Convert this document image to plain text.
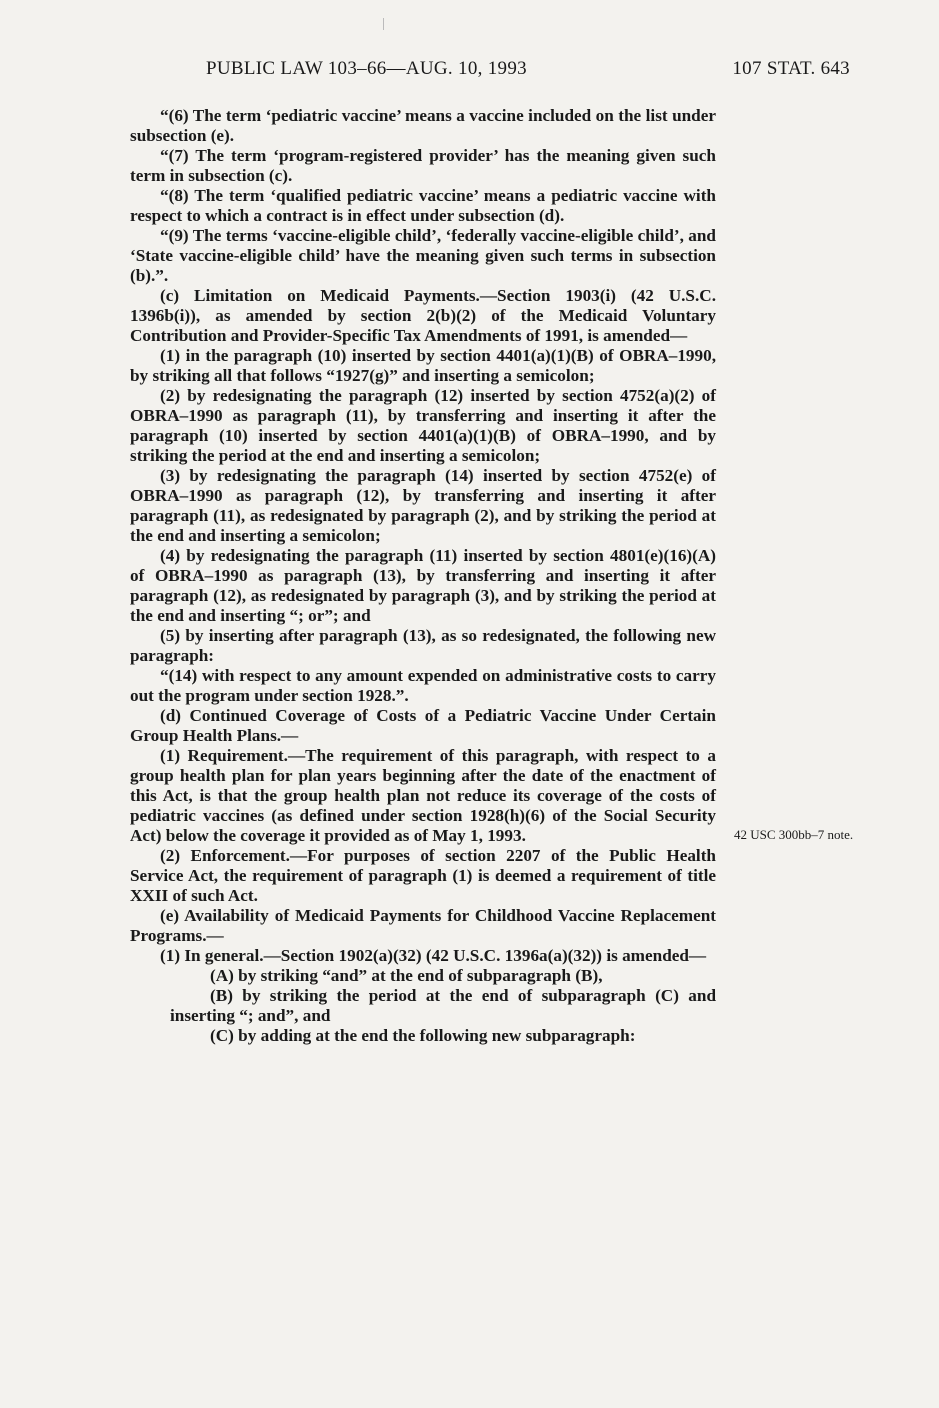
PUBLIC LAW 103–66—AUG. 10, 1993	107 STAT. 643

“(6) The term ‘pediatric vaccine’ means a vaccine included on the list under subsection (e).

“(7) The term ‘program-registered provider’ has the meaning given such term in subsection (c).

“(8) The term ‘qualified pediatric vaccine’ means a pediatric vaccine with respect to which a contract is in effect under subsection (d).

“(9) The terms ‘vaccine-eligible child’, ‘federally vaccine-eligible child’, and ‘State vaccine-eligible child’ have the meaning given such terms in subsection (b).”.

(c) Limitation on Medicaid Payments.—Section 1903(i) (42 U.S.C. 1396b(i)), as amended by section 2(b)(2) of the Medicaid Voluntary Contribution and Provider-Specific Tax Amendments of 1991, is amended—

(1) in the paragraph (10) inserted by section 4401(a)(1)(B) of OBRA–1990, by striking all that follows “1927(g)” and inserting a semicolon;

(2) by redesignating the paragraph (12) inserted by section 4752(a)(2) of OBRA–1990 as paragraph (11), by transferring and inserting it after the paragraph (10) inserted by section 4401(a)(1)(B) of OBRA–1990, and by striking the period at the end and inserting a semicolon;

(3) by redesignating the paragraph (14) inserted by section 4752(e) of OBRA–1990 as paragraph (12), by transferring and inserting it after paragraph (11), as redesignated by paragraph (2), and by striking the period at the end and inserting a semicolon;

(4) by redesignating the paragraph (11) inserted by section 4801(e)(16)(A) of OBRA–1990 as paragraph (13), by transferring and inserting it after paragraph (12), as redesignated by paragraph (3), and by striking the period at the end and inserting “; or”; and

(5) by inserting after paragraph (13), as so redesignated, the following new paragraph:

“(14) with respect to any amount expended on administrative costs to carry out the program under section 1928.”.

(d) Continued Coverage of Costs of a Pediatric Vaccine Under Certain Group Health Plans.—

(1) Requirement.—The requirement of this paragraph, with respect to a group health plan for plan years beginning after the date of the enactment of this Act, is that the group health plan not reduce its coverage of the costs of pediatric vaccines (as defined under section 1928(h)(6) of the Social Security Act) below the coverage it provided as of May 1, 1993.

(2) Enforcement.—For purposes of section 2207 of the Public Health Service Act, the requirement of paragraph (1) is deemed a requirement of title XXII of such Act.

(e) Availability of Medicaid Payments for Childhood Vaccine Replacement Programs.—

(1) In general.—Section 1902(a)(32) (42 U.S.C. 1396a(a)(32)) is amended—

(A) by striking “and” at the end of subparagraph (B),

(B) by striking the period at the end of subparagraph (C) and inserting “; and”, and

(C) by adding at the end the following new subparagraph:

42 USC 300bb–7 note.
